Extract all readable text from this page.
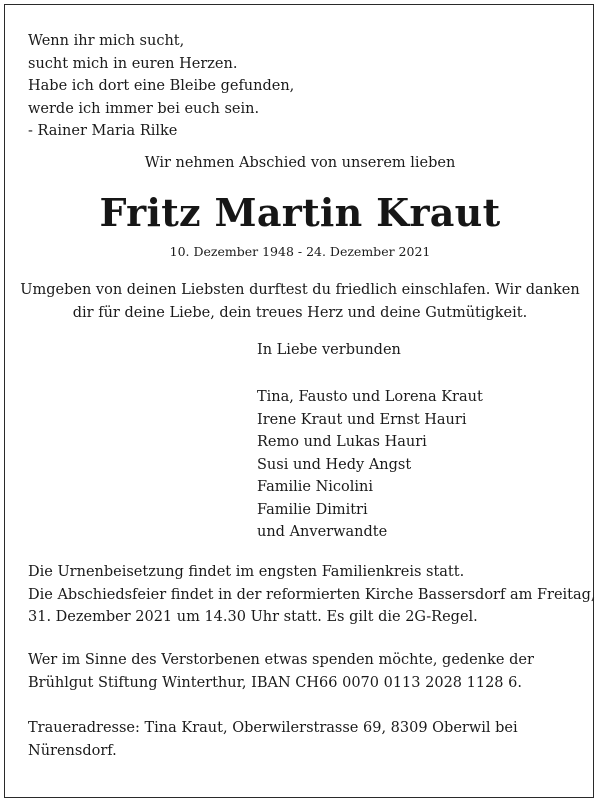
Wenn ihr mich sucht,
sucht mich in euren Herzen.
Habe ich dort eine Bleibe gefunden,
werde ich immer bei euch sein.
- Rainer Maria Rilke
Wir nehmen Abschied von unserem lieben
Fritz Martin Kraut
10. Dezember 1948 - 24. Dezember 2021
Umgeben von deinen Liebsten durftest du friedlich einschlafen. Wir danken
dir für deine Liebe, dein treues Herz und deine Gutmütigkeit.
In Liebe verbunden
Tina, Fausto und Lorena Kraut
Irene Kraut und Ernst Hauri
Remo und Lukas Hauri
Susi und Hedy Angst
Familie Nicolini
Familie Dimitri
und Anverwandte
Die Urnenbeisetzung findet im engsten Familienkreis statt.
Die Abschiedsfeier findet in der reformierten Kirche Bassersdorf am Freitag,
31. Dezember 2021 um 14.30 Uhr statt. Es gilt die 2G-Regel.
Wer im Sinne des Verstorbenen etwas spenden möchte, gedenke der
Brühlgut Stiftung Winterthur, IBAN CH66 0070 0113 2028 1128 6.
Traueradresse: Tina Kraut, Oberwilerstrasse 69, 8309 Oberwil bei
Nürensdorf.
